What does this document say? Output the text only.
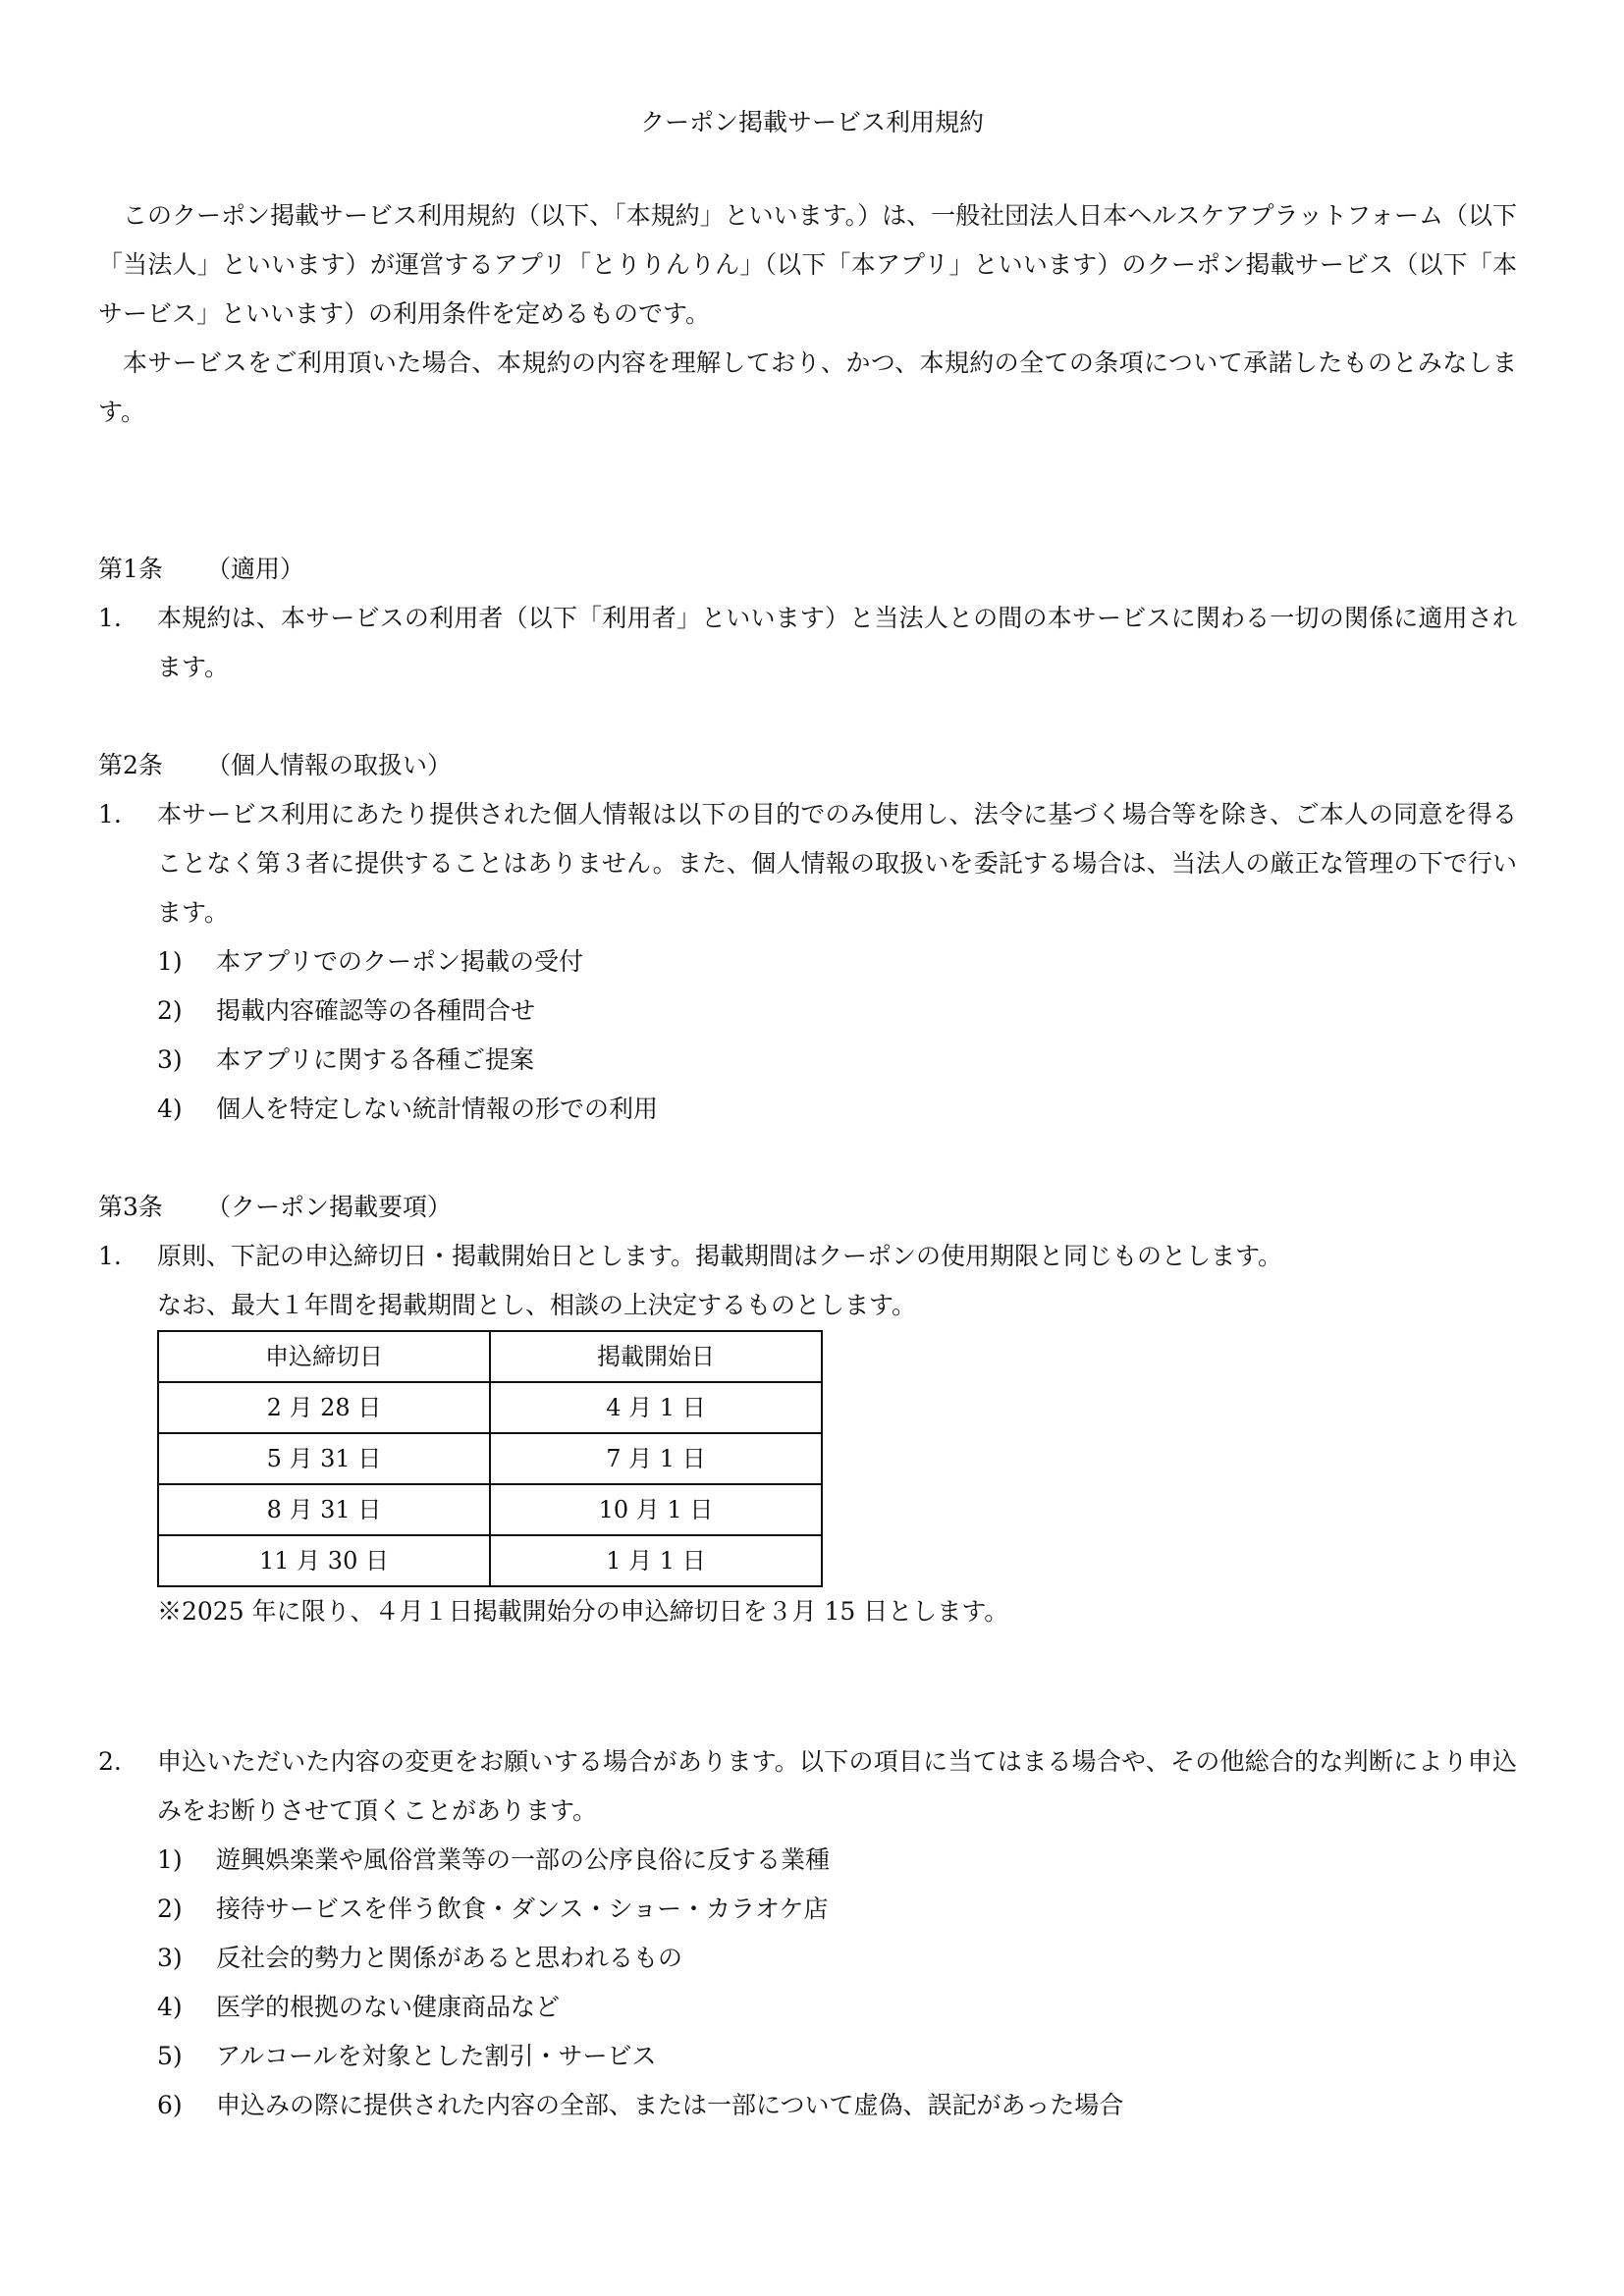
クーポン掲載サービス利用規約

このクーポン掲載サービス利用規約（以下、「本規約」といいます。）は、一般社団法人日本ヘルスケアプラットフォーム（以下「当法人」といいます）が運営するアプリ「とりりんりん」（以下「本アプリ」といいます）のクーポン掲載サービス（以下「本サービス」といいます）の利用条件を定めるものです。

本サービスをご利用頂いた場合、本規約の内容を理解しており、かつ、本規約の全ての条項について承諾したものとみなします。

第1条 （適用）
1. 本規約は、本サービスの利用者（以下「利用者」といいます）と当法人との間の本サービスに関わる一切の関係に適用されます。
第2条 （個人情報の取扱い）
1. 本サービス利用にあたり提供された個人情報は以下の目的でのみ使用し、法令に基づく場合等を除き、ご本人の同意を得ることなく第３者に提供することはありません。また、個人情報の取扱いを委託する場合は、当法人の厳正な管理の下で行います。
1) 本アプリでのクーポン掲載の受付
2) 掲載内容確認等の各種問合せ
3) 本アプリに関する各種ご提案
4) 個人を特定しない統計情報の形での利用
第3条 （クーポン掲載要項）
1. 原則、下記の申込締切日・掲載開始日とします。掲載期間はクーポンの使用期限と同じものとします。
なお、最大１年間を掲載期間とし、相談の上決定するものとします。
申込締切日	掲載開始日
2 月 28 日	4 月 1 日
5 月 31 日	7 月 1 日
8 月 31 日	10 月 1 日
11 月 30 日	1 月 1 日
※2025 年に限り、４月１日掲載開始分の申込締切日を３月 15 日とします。
2. 申込いただいた内容の変更をお願いする場合があります。以下の項目に当てはまる場合や、その他総合的な判断により申込みをお断りさせて頂くことがあります。
1) 遊興娯楽業や風俗営業等の一部の公序良俗に反する業種
2) 接待サービスを伴う飲食・ダンス・ショー・カラオケ店
3) 反社会的勢力と関係があると思われるもの
4) 医学的根拠のない健康商品など
5) アルコールを対象とした割引・サービス
6) 申込みの際に提供された内容の全部、または一部について虚偽、誤記があった場合
